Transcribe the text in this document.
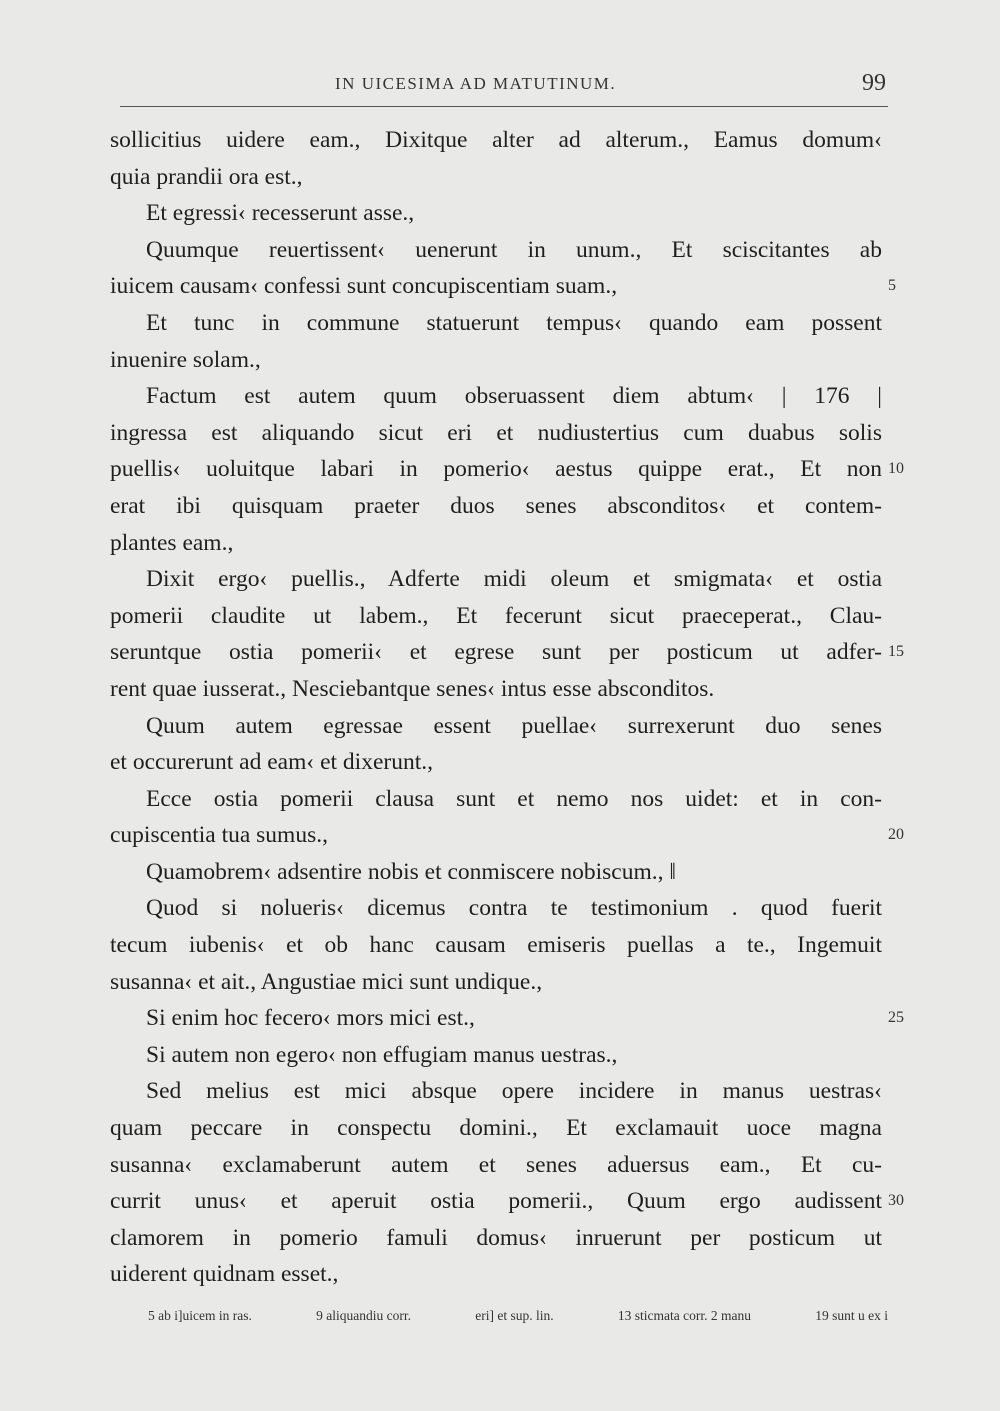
IN UICESIMA AD MATUTINUM.	99
sollicitius uidere eam., Dixitque alter ad alterum., Eamus domum‹
quia prandii ora est.,
Et egressi‹ recesserunt asse.,
Quumque reuertissent‹ uenerunt in unum., Et sciscitantes ab
iuicem causam‹ confessi sunt concupiscentiam suam.,
Et tunc in commune statuerunt tempus‹ quando eam possent
inuenire solam.,
Factum est autem quum obseruassent diem abtum‹ | 176 |
ingressa est aliquando sicut eri et nudiustertius cum duabus solis
puellis‹ uoluitque labari in pomerio‹ aestus quippe erat., Et non
erat ibi quisquam praeter duos senes absconditos‹ et contem-
plantes eam.,
Dixit ergo‹ puellis., Adferte midi oleum et smigmata‹ et ostia
pomerii claudite ut labem., Et fecerunt sicut praeceperat., Clau-
seruntque ostia pomerii‹ et egrese sunt per posticum ut adfer-
rent quae iusserat., Nesciebantque senes‹ intus esse absconditos.
Quum autem egressae essent puellae‹ surrexerunt duo senes
et occurerunt ad eam‹ et dixerunt.,
Ecce ostia pomerii clausa sunt et nemo nos uidet: et in con-
cupiscentia tua sumus.,
Quamobrem‹ adsentire nobis et conmiscere nobiscum., ‖
Quod si nolueris‹ dicemus contra te testimonium . quod fuerit
tecum iubenis‹ et ob hanc causam emiseris puellas a te., Ingemuit
susanna‹ et ait., Angustiae mici sunt undique.,
Si enim hoc fecero‹ mors mici est.,
Si autem non egero‹ non effugiam manus uestras.,
Sed melius est mici absque opere incidere in manus uestras‹
quam peccare in conspectu domini., Et exclamauit uoce magna
susanna‹ exclamaberunt autem et senes aduersus eam., Et cu-
currit unus‹ et aperuit ostia pomerii., Quum ergo audissent
clamorem in pomerio famuli domus‹ inruerunt per posticum ut
uiderent quidnam esset.,
5
10
15
20
25
30
5 ab i]uicem in ras.	9 aliquandiu corr.	eri] et sup. lin.	13 sticmata corr. 2 manu	19 sunt u ex i
